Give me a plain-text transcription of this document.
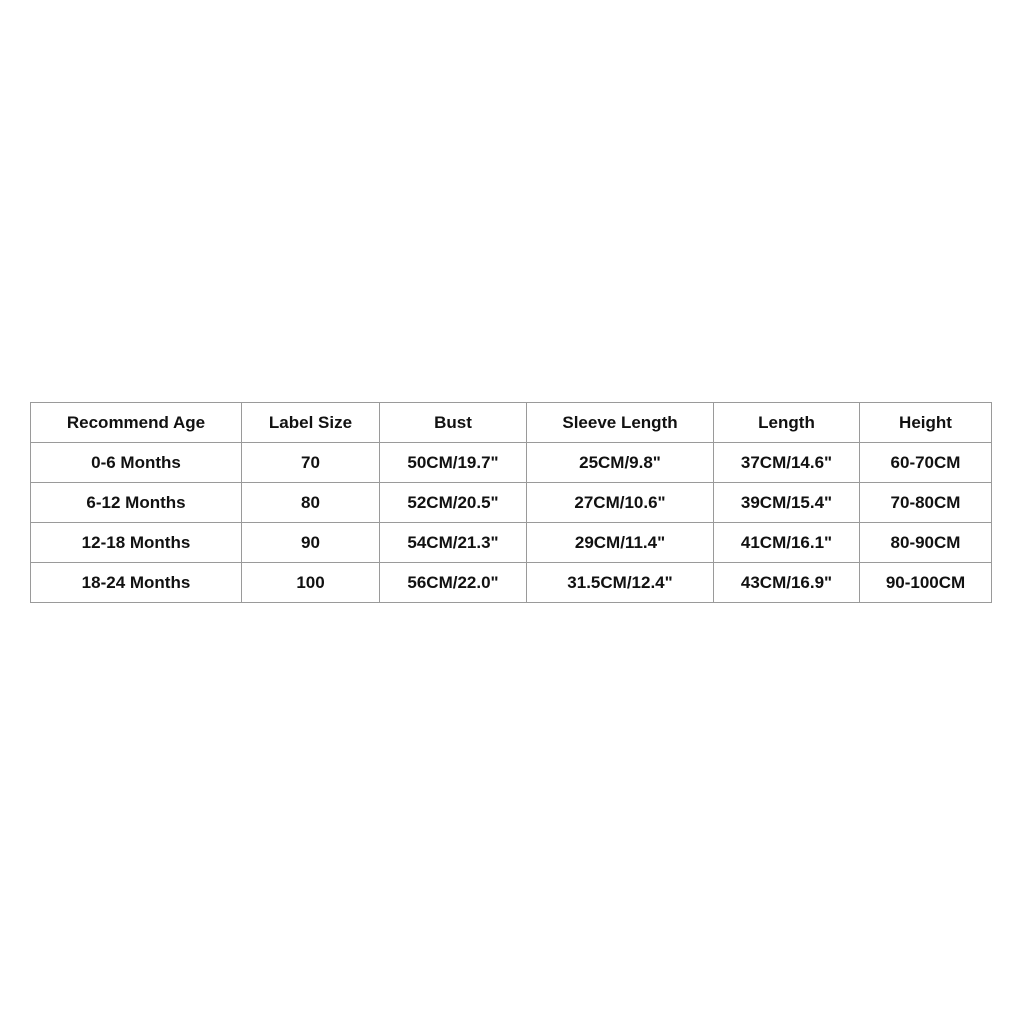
Recommend Age	Label Size	Bust	Sleeve Length	Length	Height
0-6 Months	70	50CM/19.7"	25CM/9.8"	37CM/14.6"	60-70CM
6-12 Months	80	52CM/20.5"	27CM/10.6"	39CM/15.4"	70-80CM
12-18 Months	90	54CM/21.3"	29CM/11.4"	41CM/16.1"	80-90CM
18-24 Months	100	56CM/22.0"	31.5CM/12.4"	43CM/16.9"	90-100CM
